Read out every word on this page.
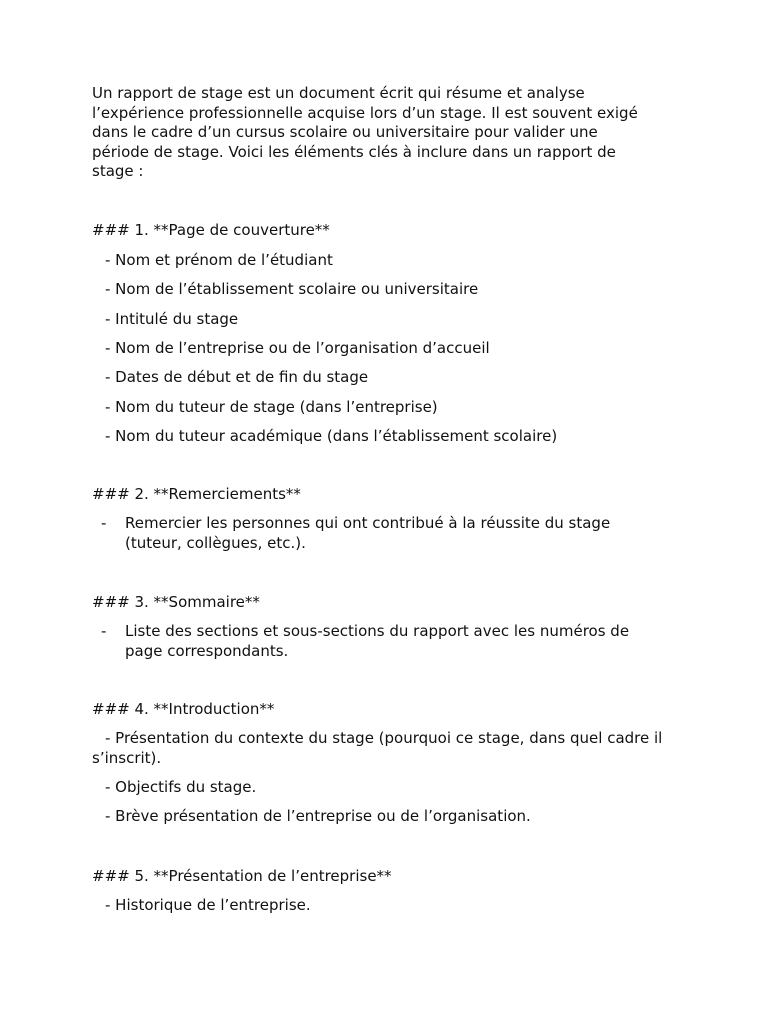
Un rapport de stage est un document écrit qui résume et analyse
l’expérience professionnelle acquise lors d’un stage. Il est souvent exigé
dans le cadre d’un cursus scolaire ou universitaire pour valider une
période de stage. Voici les éléments clés à inclure dans un rapport de
stage :

### 1. **Page de couverture**

- Nom et prénom de l’étudiant

- Nom de l’établissement scolaire ou universitaire

- Intitulé du stage

- Nom de l’entreprise ou de l’organisation d’accueil

- Dates de début et de fin du stage

- Nom du tuteur de stage (dans l’entreprise)

- Nom du tuteur académique (dans l’établissement scolaire)

### 2. **Remerciements**

- Remercier les personnes qui ont contribué à la réussite du stage
(tuteur, collègues, etc.).

### 3. **Sommaire**

- Liste des sections et sous-sections du rapport avec les numéros de
page correspondants.

### 4. **Introduction**

- Présentation du contexte du stage (pourquoi ce stage, dans quel cadre il s’inscrit).

- Objectifs du stage.

- Brève présentation de l’entreprise ou de l’organisation.

### 5. **Présentation de l’entreprise**

- Historique de l’entreprise.
